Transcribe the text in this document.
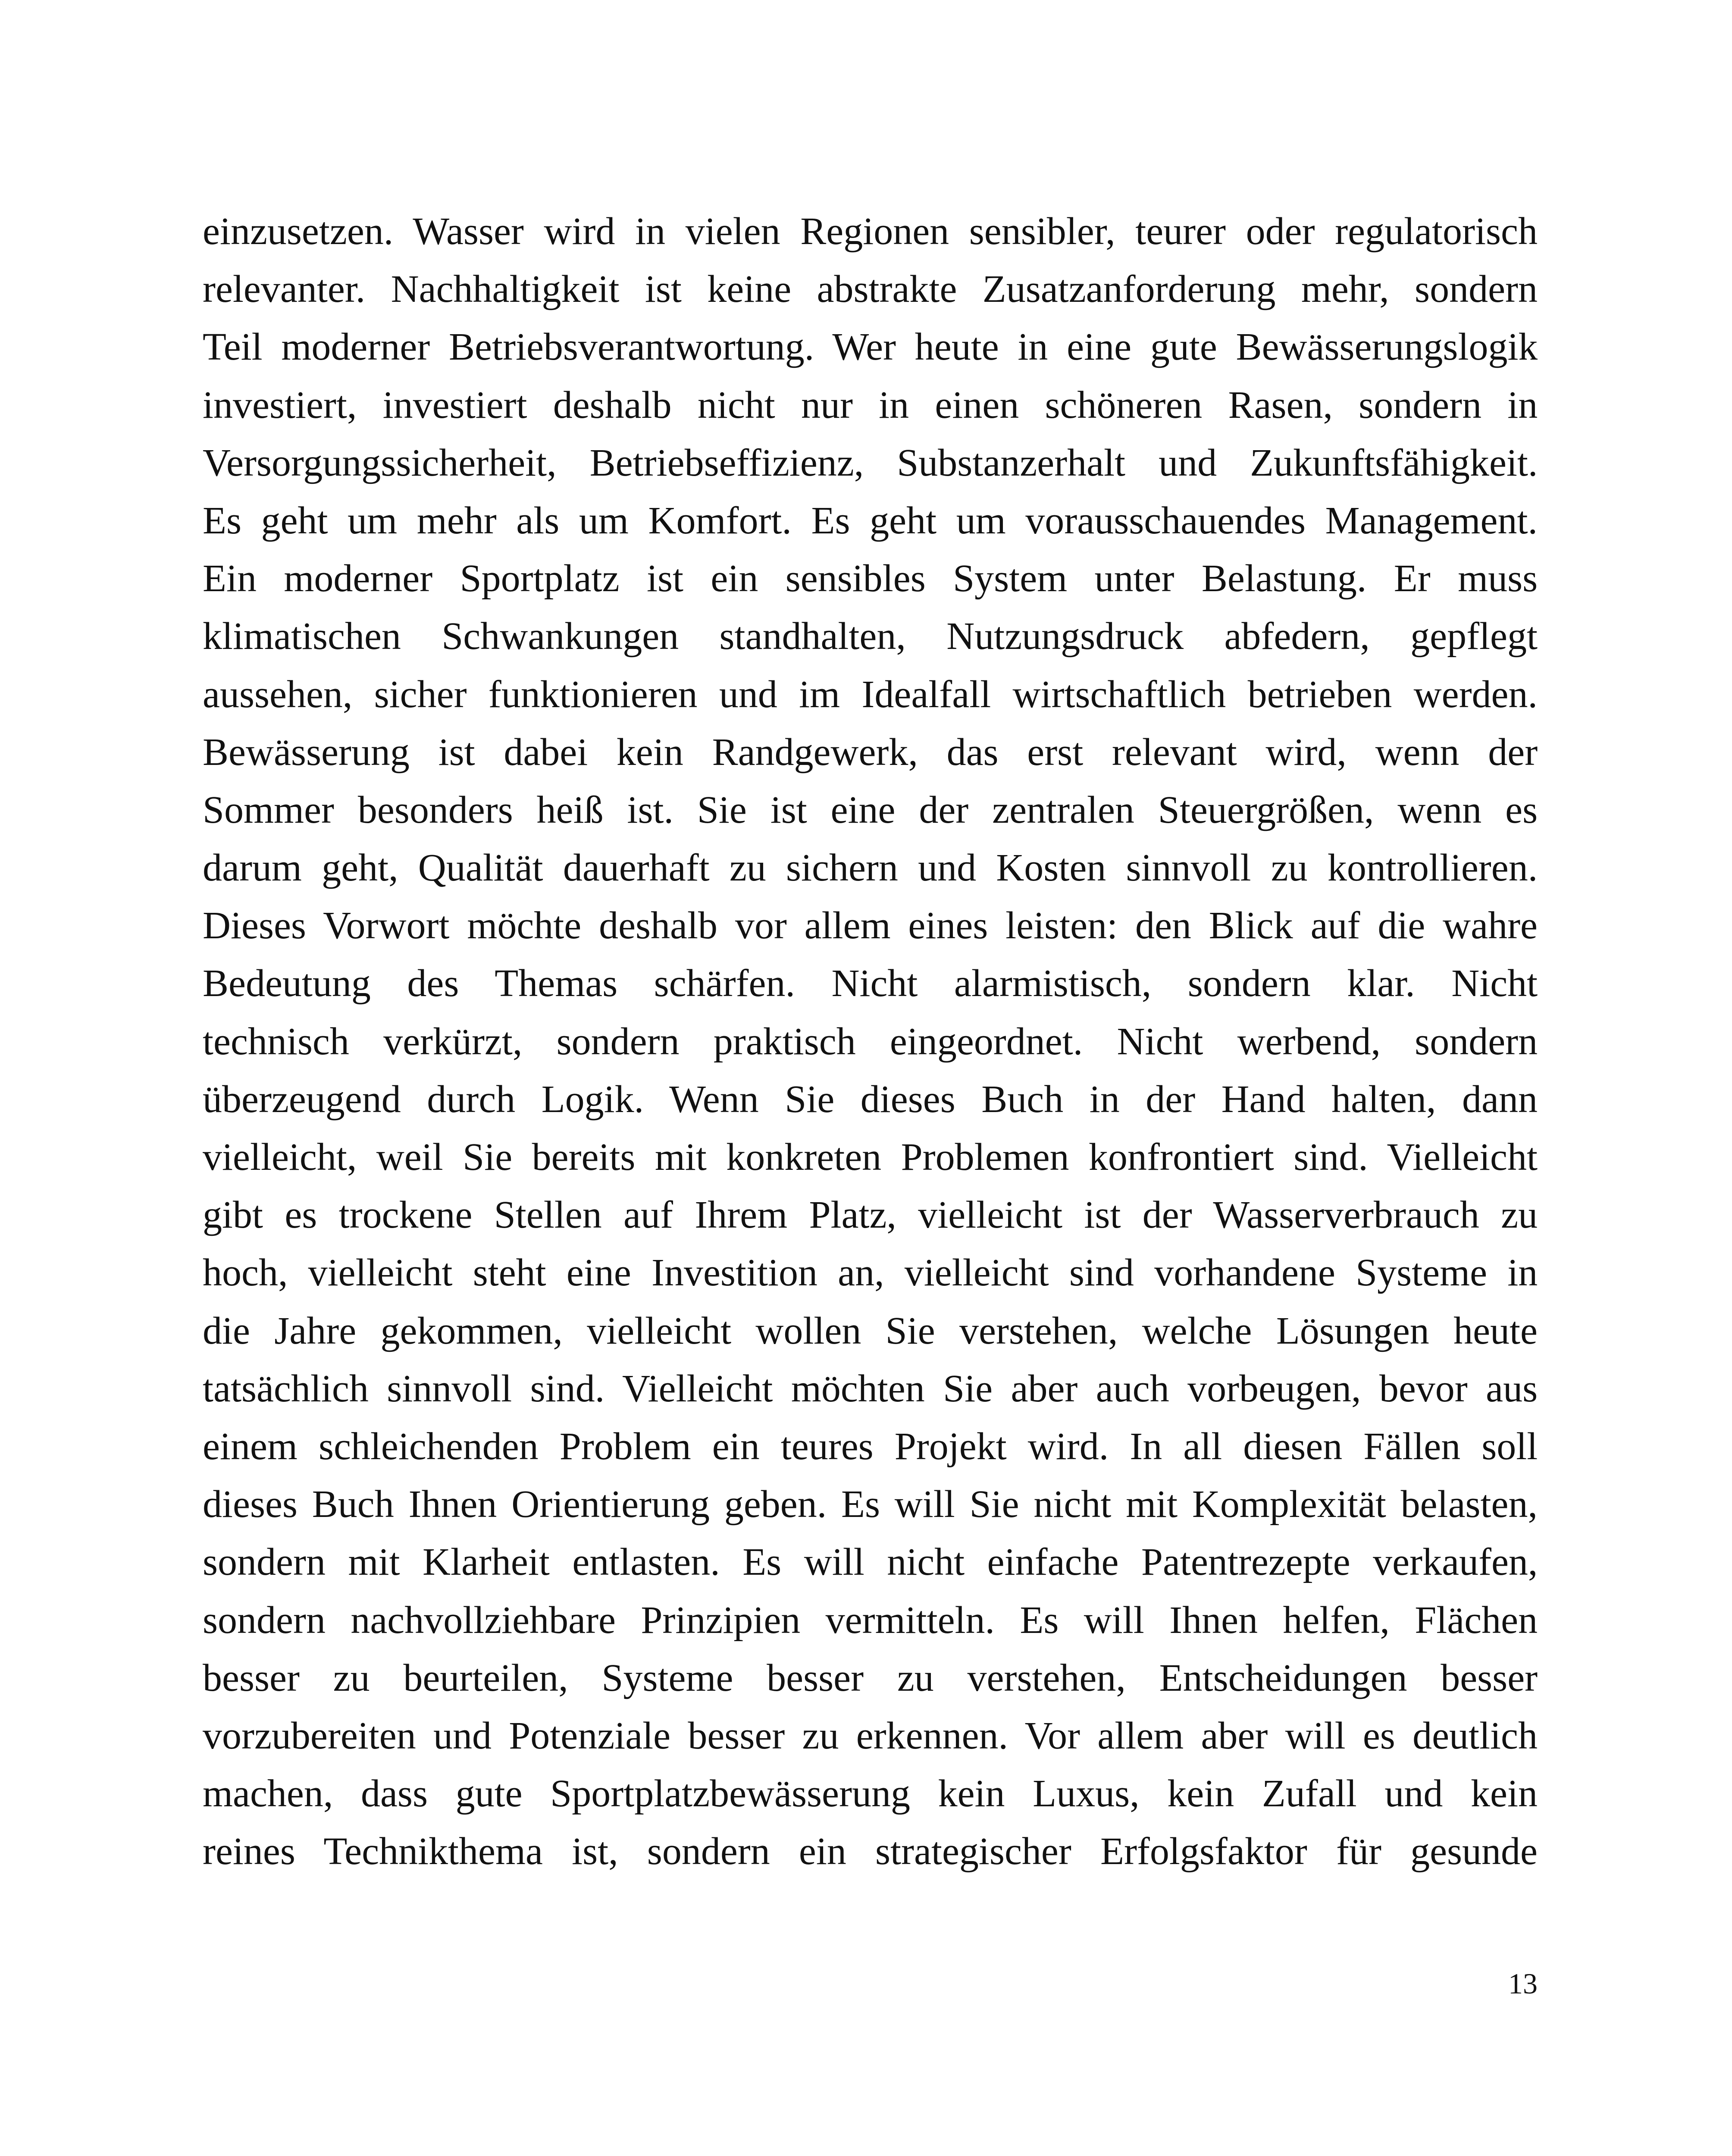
einzusetzen. Wasser wird in vielen Regionen sensibler, teurer oder regulatorisch
relevanter. Nachhaltigkeit ist keine abstrakte Zusatzanforderung mehr, sondern
Teil moderner Betriebsverantwortung. Wer heute in eine gute Bewässerungslogik
investiert, investiert deshalb nicht nur in einen schöneren Rasen, sondern in
Versorgungssicherheit, Betriebseffizienz, Substanzerhalt und Zukunftsfähigkeit.
Es geht um mehr als um Komfort. Es geht um vorausschauendes Management.
Ein moderner Sportplatz ist ein sensibles System unter Belastung. Er muss
klimatischen Schwankungen standhalten, Nutzungsdruck abfedern, gepflegt
aussehen, sicher funktionieren und im Idealfall wirtschaftlich betrieben werden.
Bewässerung ist dabei kein Randgewerk, das erst relevant wird, wenn der
Sommer besonders heiß ist. Sie ist eine der zentralen Steuergrößen, wenn es
darum geht, Qualität dauerhaft zu sichern und Kosten sinnvoll zu kontrollieren.
Dieses Vorwort möchte deshalb vor allem eines leisten: den Blick auf die wahre
Bedeutung des Themas schärfen. Nicht alarmistisch, sondern klar. Nicht
technisch verkürzt, sondern praktisch eingeordnet. Nicht werbend, sondern
überzeugend durch Logik. Wenn Sie dieses Buch in der Hand halten, dann
vielleicht, weil Sie bereits mit konkreten Problemen konfrontiert sind. Vielleicht
gibt es trockene Stellen auf Ihrem Platz, vielleicht ist der Wasserverbrauch zu
hoch, vielleicht steht eine Investition an, vielleicht sind vorhandene Systeme in
die Jahre gekommen, vielleicht wollen Sie verstehen, welche Lösungen heute
tatsächlich sinnvoll sind. Vielleicht möchten Sie aber auch vorbeugen, bevor aus
einem schleichenden Problem ein teures Projekt wird. In all diesen Fällen soll
dieses Buch Ihnen Orientierung geben. Es will Sie nicht mit Komplexität belasten,
sondern mit Klarheit entlasten. Es will nicht einfache Patentrezepte verkaufen,
sondern nachvollziehbare Prinzipien vermitteln. Es will Ihnen helfen, Flächen
besser zu beurteilen, Systeme besser zu verstehen, Entscheidungen besser
vorzubereiten und Potenziale besser zu erkennen. Vor allem aber will es deutlich
machen, dass gute Sportplatzbewässerung kein Luxus, kein Zufall und kein
reines Technikthema ist, sondern ein strategischer Erfolgsfaktor für gesunde
13
